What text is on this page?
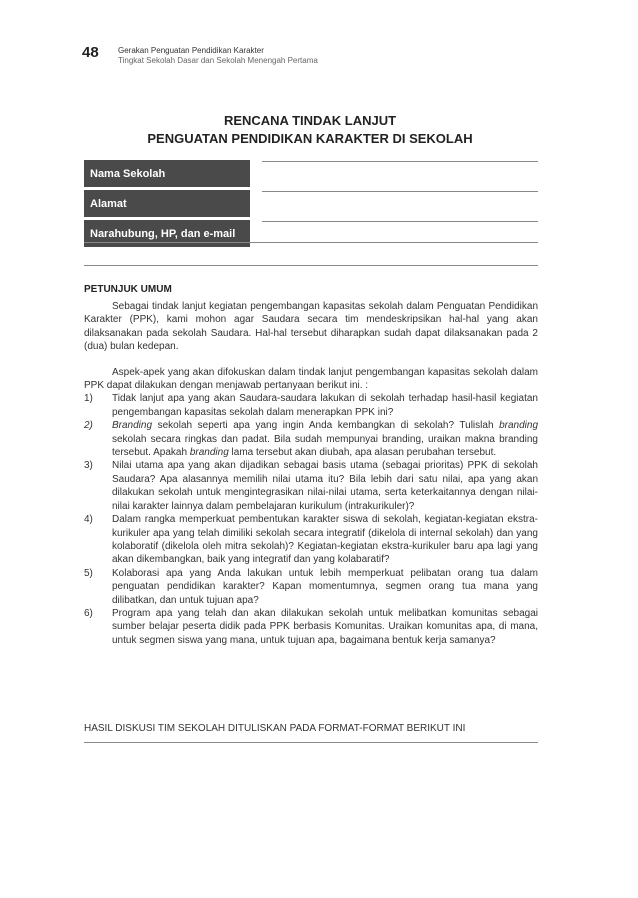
48 Gerakan Penguatan Pendidikan Karakter
Tingkat Sekolah Dasar dan Sekolah Menengah Pertama
RENCANA TINDAK LANJUT
PENGUATAN PENDIDIKAN KARAKTER DI SEKOLAH
Nama Sekolah
Alamat
Narahubung, HP, dan e-mail
PETUNJUK UMUM

Sebagai tindak lanjut kegiatan pengembangan kapasitas sekolah dalam Penguatan Pendidikan Karakter (PPK), kami mohon agar Saudara secara tim mendeskripsikan hal-hal yang akan dilaksanakan pada sekolah Saudara. Hal-hal tersebut diharapkan sudah dapat dilaksanakan pada 2 (dua) bulan kedepan.

Aspek-apek yang akan difokuskan dalam tindak lanjut pengembangan kapasitas sekolah dalam PPK dapat dilakukan dengan menjawab pertanyaan berikut ini. :

1)	Tidak lanjut apa yang akan Saudara-saudara lakukan di sekolah terhadap hasil-hasil kegiatan pengembangan kapasitas sekolah dalam menerapkan PPK ini?
2)	Branding sekolah seperti apa yang ingin Anda kembangkan di sekolah? Tulislah branding sekolah secara ringkas dan padat. Bila sudah mempunyai branding, uraikan makna branding tersebut. Apakah branding lama tersebut akan diubah, apa alasan perubahan tersebut.
3)	Nilai utama apa yang akan dijadikan sebagai basis utama (sebagai prioritas) PPK di sekolah Saudara? Apa alasannya memilih nilai utama itu? Bila lebih dari satu nilai, apa yang akan dilakukan sekolah untuk mengintegrasikan nilai-nilai utama, serta keterkaitannya dengan nilai-nilai karakter lainnya dalam pembelajaran kurikulum (intrakurikuler)?
4)	Dalam rangka memperkuat pembentukan karakter siswa di sekolah, kegiatan-kegiatan ekstra-kurikuler apa yang telah dimiliki sekolah secara integratif (dikelola di internal sekolah) dan yang kolaboratif (dikelola oleh mitra sekolah)? Kegiatan-kegiatan ekstra-kurikuler baru apa lagi yang akan dikembangkan, baik yang integratif dan yang kolabaratif?
5)	Kolaborasi apa yang Anda lakukan untuk lebih memperkuat pelibatan orang tua dalam penguatan pendidikan karakter? Kapan momentumnya, segmen orang tua mana yang dilibatkan, dan untuk tujuan apa?
6)	Program apa yang telah dan akan dilakukan sekolah untuk melibatkan komunitas sebagai sumber belajar peserta didik pada PPK berbasis Komunitas. Uraikan komunitas apa, di mana, untuk segmen siswa yang mana, untuk tujuan apa, bagaimana bentuk kerja samanya?
HASIL DISKUSI TIM SEKOLAH DITULISKAN PADA FORMAT-FORMAT BERIKUT INI
